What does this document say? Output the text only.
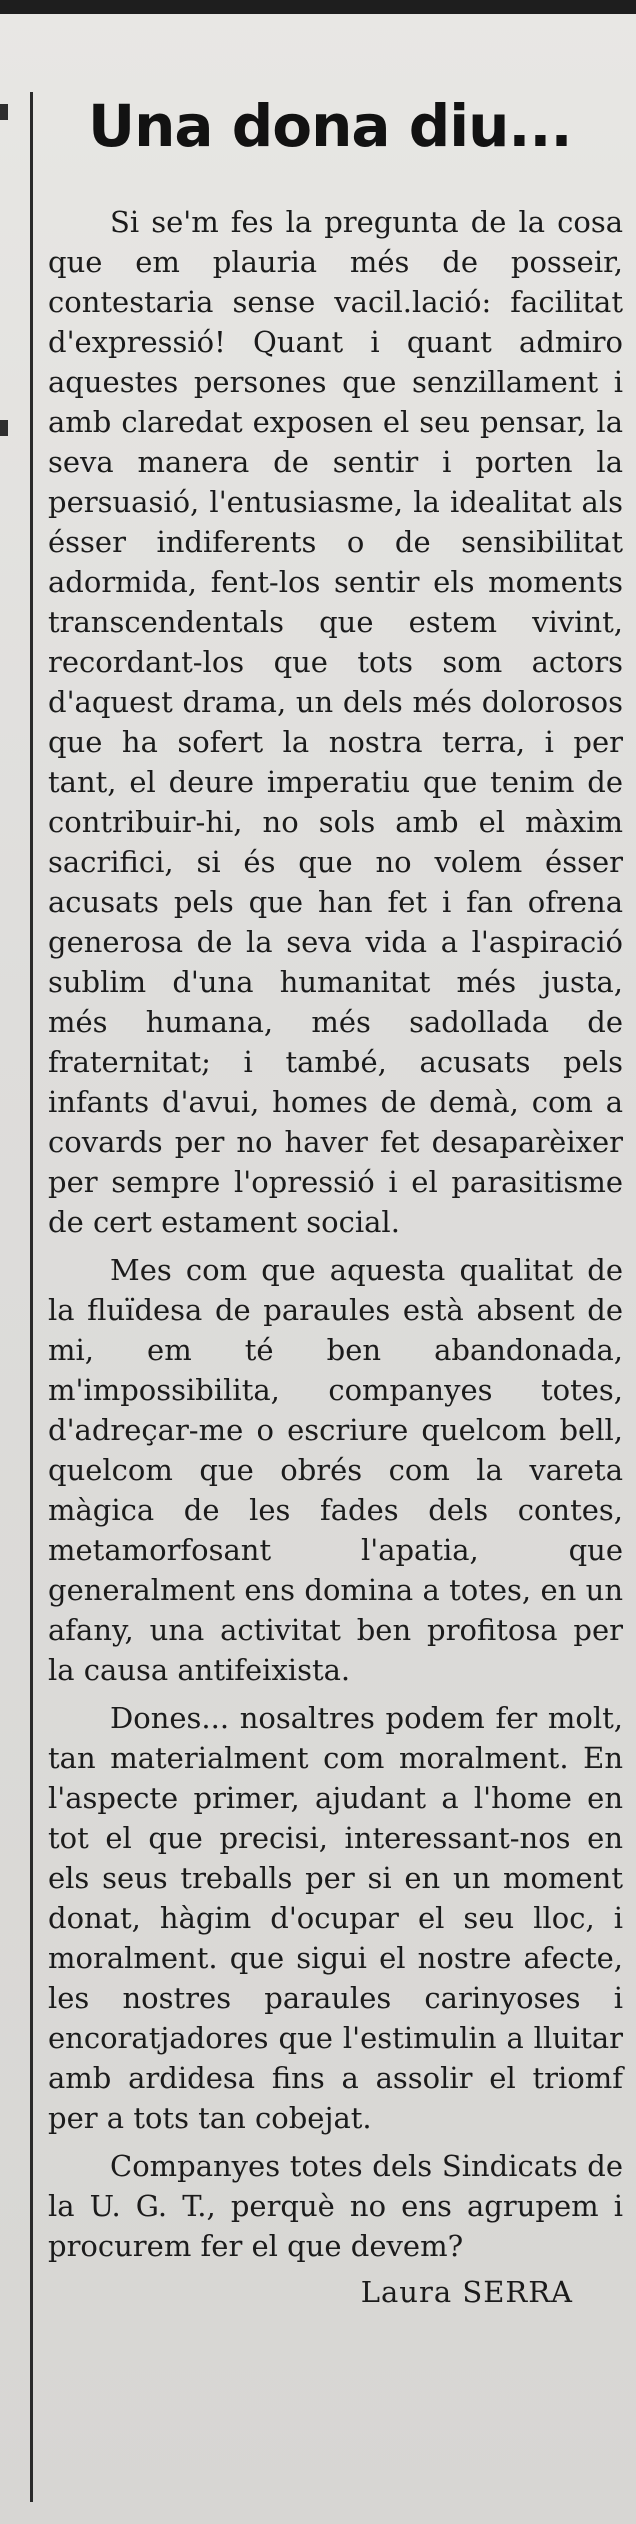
Una dona diu...

Si se'm fes la pregunta de la cosa que em plauria més de posseir, contestaria sense vacil.lació: facilitat d'expressió! Quant i quant admiro aquestes persones que senzillament i amb claredat exposen el seu pensar, la seva manera de sentir i porten la persuasió, l'entusiasme, la idealitat als ésser indiferents o de sensibilitat adormida, fent-los sentir els moments transcendentals que estem vivint, recordant-los que tots som actors d'aquest drama, un dels més dolorosos que ha sofert la nostra terra, i per tant, el deure imperatiu que tenim de contribuir-hi, no sols amb el màxim sacrifici, si és que no volem ésser acusats pels que han fet i fan ofrena generosa de la seva vida a l'aspiració sublim d'una humanitat més justa, més humana, més sadollada de fraternitat; i també, acusats pels infants d'avui, homes de demà, com a covards per no haver fet desaparèixer per sempre l'opressió i el parasitisme de cert estament social.

Mes com que aquesta qualitat de la fluïdesa de paraules està absent de mi, em té ben abandonada, m'impossibilita, companyes totes, d'adreçar-me o escriure quelcom bell, quelcom que obrés com la vareta màgica de les fades dels contes, metamorfosant l'apatia, que generalment ens domina a totes, en un afany, una activitat ben profitosa per la causa antifeixista.

Dones... nosaltres podem fer molt, tan materialment com moralment. En l'aspecte primer, ajudant a l'home en tot el que precisi, interessant-nos en els seus treballs per si en un moment donat, hàgim d'ocupar el seu lloc, i moralment. que sigui el nostre afecte, les nostres paraules carinyoses i encoratjadores que l'estimulin a lluitar amb ardidesa fins a assolir el triomf per a tots tan cobejat.

Companyes totes dels Sindicats de la U. G. T., perquè no ens agrupem i procurem fer el que devem?

Laura SERRA
